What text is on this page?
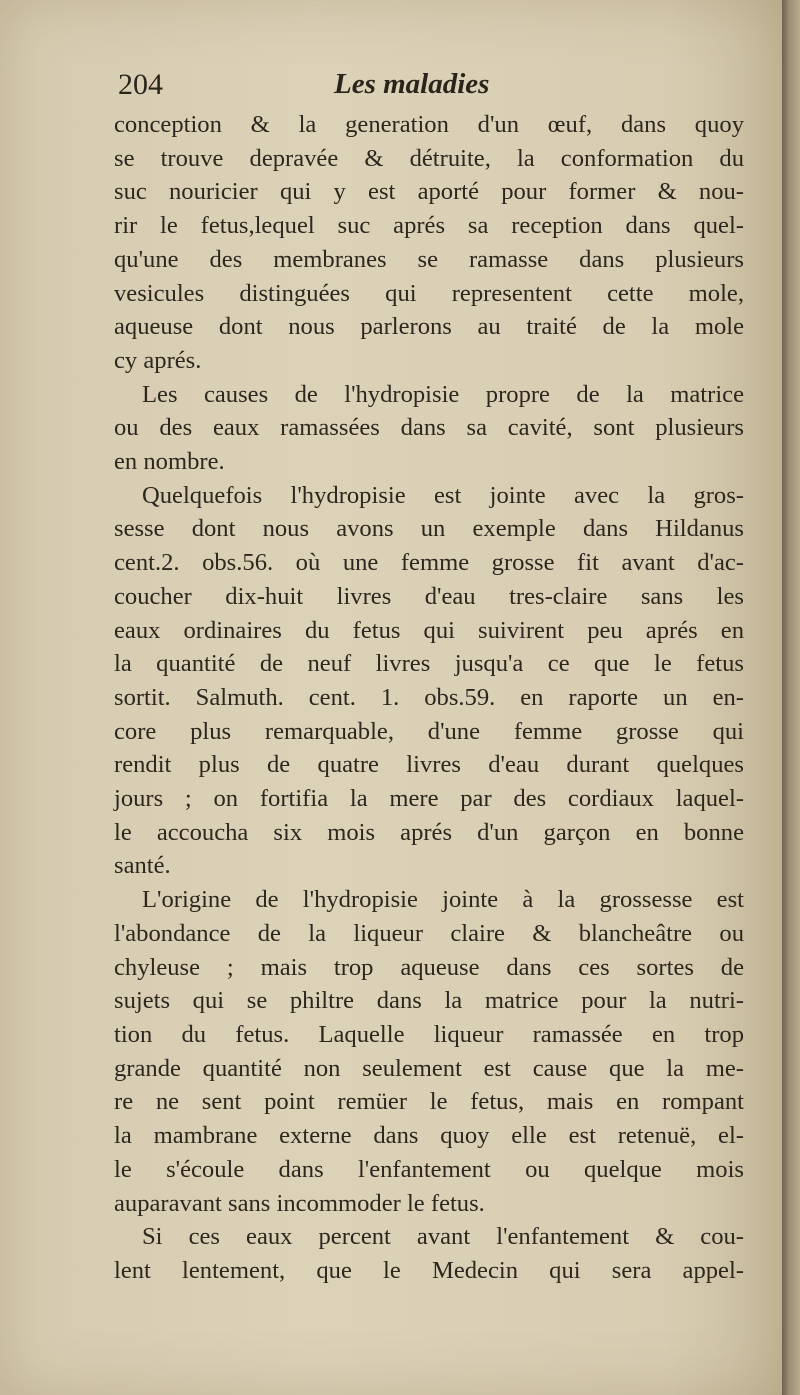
204	Les maladies
conception & la generation d'un œuf, dans quoy
se trouve depravée & détruite, la conformation du
suc nouricier qui y est aporté pour former & nou-
rir le fetus,lequel suc aprés sa reception dans quel-
qu'une des membranes se ramasse dans plusieurs
vesicules distinguées qui representent cette mole,
aqueuse dont nous parlerons au traité de la mole
cy aprés.
Les causes de l'hydropisie propre de la matrice
ou des eaux ramassées dans sa cavité, sont plusieurs
en nombre.
Quelquefois l'hydropisie est jointe avec la gros-
sesse dont nous avons un exemple dans Hildanus
cent.2. obs.56. où une femme grosse fit avant d'ac-
coucher dix-huit livres d'eau tres-claire sans les
eaux ordinaires du fetus qui suivirent peu aprés en
la quantité de neuf livres jusqu'a ce que le fetus
sortit. Salmuth. cent. 1. obs.59. en raporte un en-
core plus remarquable, d'une femme grosse qui
rendit plus de quatre livres d'eau durant quelques
jours ; on fortifia la mere par des cordiaux laquel-
le accoucha six mois aprés d'un garçon en bonne
santé.
L'origine de l'hydropisie jointe à la grossesse est
l'abondance de la liqueur claire & blancheâtre ou
chyleuse ; mais trop aqueuse dans ces sortes de
sujets qui se philtre dans la matrice pour la nutri-
tion du fetus. Laquelle liqueur ramassée en trop
grande quantité non seulement est cause que la me-
re ne sent point remüer le fetus, mais en rompant
la mambrane externe dans quoy elle est retenuë, el-
le s'écoule dans l'enfantement ou quelque mois
auparavant sans incommoder le fetus.
Si ces eaux percent avant l'enfantement & cou-
lent lentement, que le Medecin qui sera appel-
